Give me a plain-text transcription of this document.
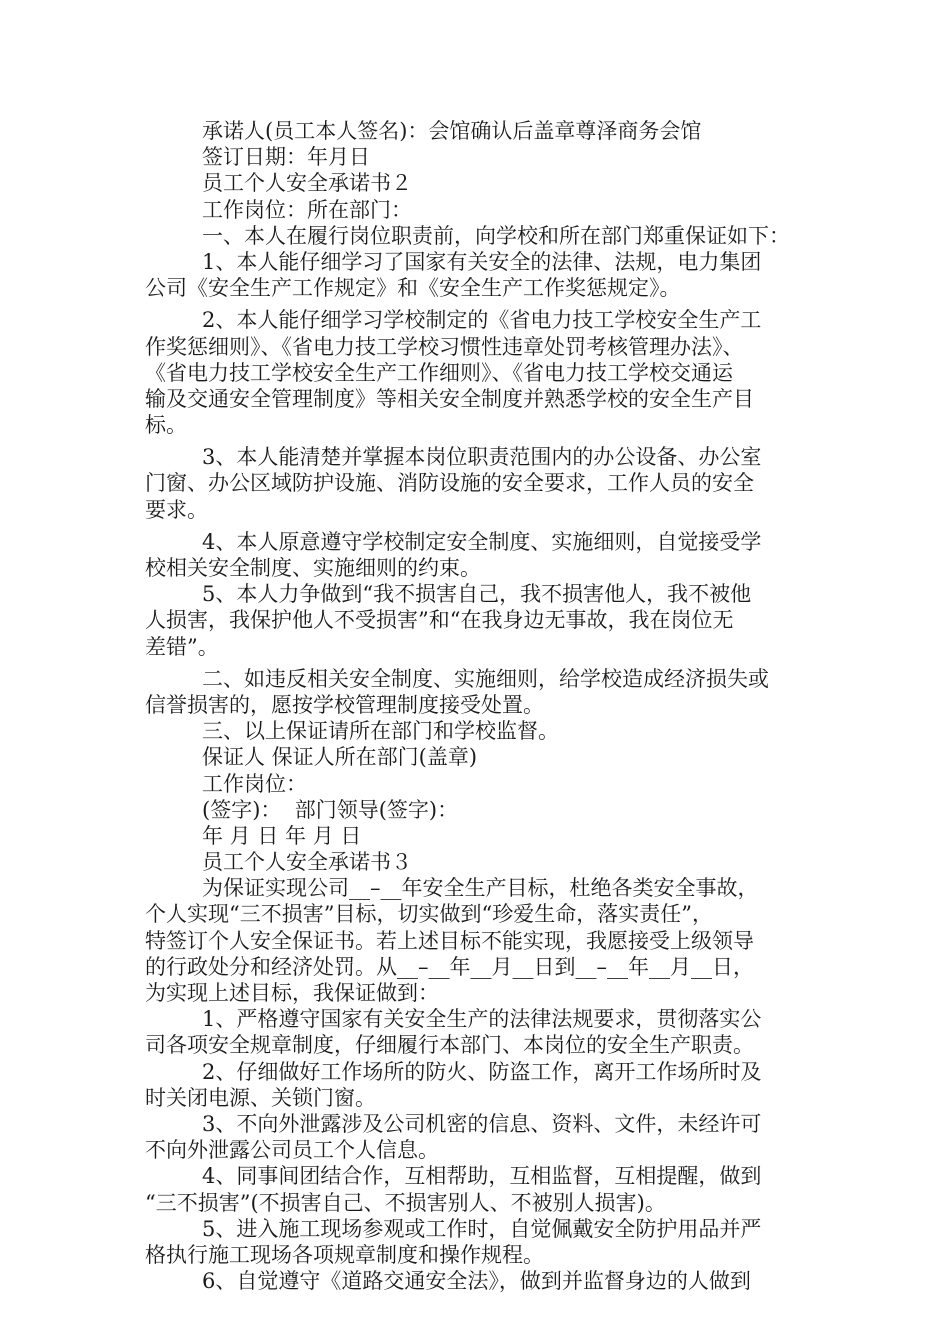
承诺人(员工本人签名)：会馆确认后盖章尊泽商务会馆
签订日期：年月日
员工个人安全承诺书２
工作岗位：所在部门：
一、本人在履行岗位职责前，向学校和所在部门郑重保证如下：
1、本人能仔细学习了国家有关安全的法律、法规，电力集团
公司《安全生产工作规定》和《安全生产工作奖惩规定》。
2、本人能仔细学习学校制定的《省电力技工学校安全生产工
作奖惩细则》、《省电力技工学校习惯性违章处罚考核管理办法》、
《省电力技工学校安全生产工作细则》、《省电力技工学校交通运
输及交通安全管理制度》等相关安全制度并熟悉学校的安全生产目
标。
3、本人能清楚并掌握本岗位职责范围内的办公设备、办公室
门窗、办公区域防护设施、消防设施的安全要求，工作人员的安全
要求。
4、本人原意遵守学校制定安全制度、实施细则，自觉接受学
校相关安全制度、实施细则的约束。
5、本人力争做到“我不损害自己，我不损害他人，我不被他
人损害，我保护他人不受损害”和“在我身边无事故，我在岗位无
差错”。
二、如违反相关安全制度、实施细则，给学校造成经济损失或
信誉损害的，愿按学校管理制度接受处置。
三、以上保证请所在部门和学校监督。
保证人 保证人所在部门(盖章)
工作岗位：
(签字)：  部门领导(签字)：
年 月 日 年 月 日
员工个人安全承诺书３
为保证实现公司__–__年安全生产目标，杜绝各类安全事故，
个人实现“三不损害”目标，切实做到“珍爱生命，落实责任”，
特签订个人安全保证书。若上述目标不能实现，我愿接受上级领导
的行政处分和经济处罚。从__–__年__月__日到__–__年__月__日，
为实现上述目标，我保证做到：
1、严格遵守国家有关安全生产的法律法规要求，贯彻落实公
司各项安全规章制度，仔细履行本部门、本岗位的安全生产职责。
2、仔细做好工作场所的防火、防盗工作，离开工作场所时及
时关闭电源、关锁门窗。
3、不向外泄露涉及公司机密的信息、资料、文件，未经许可
不向外泄露公司员工个人信息。
4、同事间团结合作，互相帮助，互相监督，互相提醒，做到
“三不损害”(不损害自己、不损害别人、不被别人损害)。
5、进入施工现场参观或工作时，自觉佩戴安全防护用品并严
格执行施工现场各项规章制度和操作规程。
6、自觉遵守《道路交通安全法》，做到并监督身边的人做到
